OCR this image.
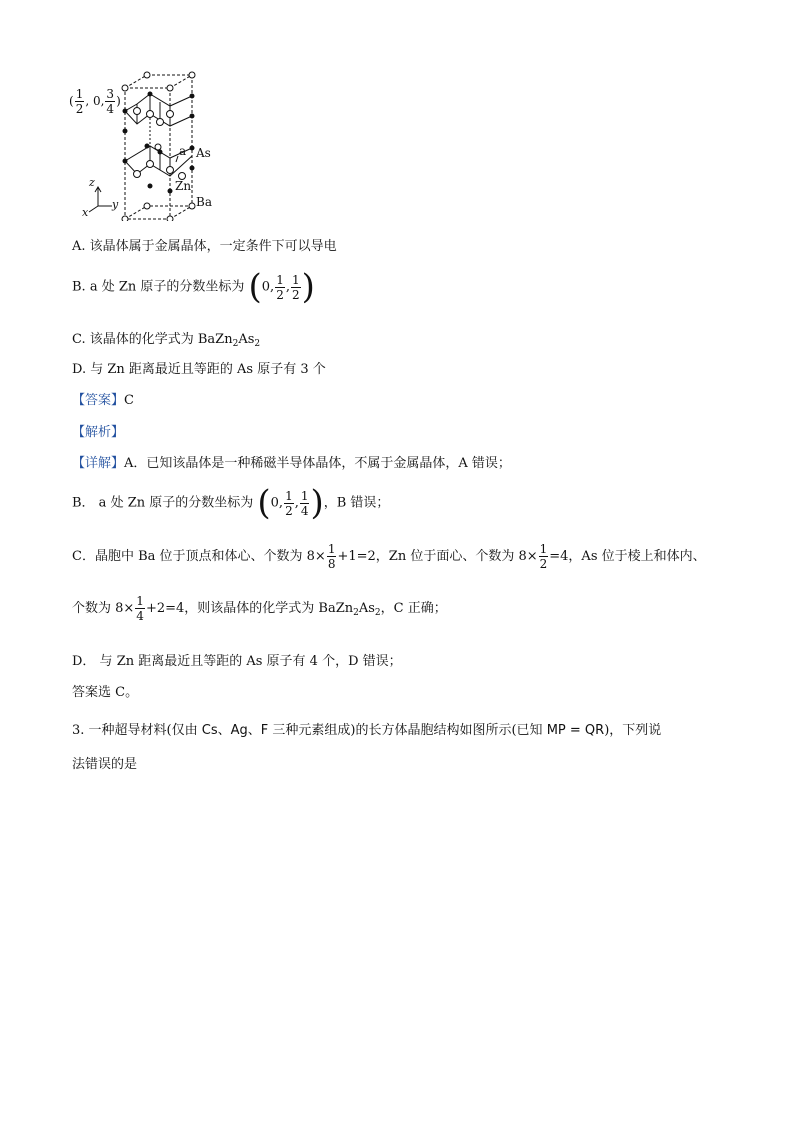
( $\frac{1}{2}$ , 0, $\frac{3}{4}$ )
a As
Zn
Ba
z
y
x
A. 该晶体属于金属晶体，一定条件下可以导电
B. a 处 Zn 原子的分数坐标为 (0, $\frac{1}{2}$ , $\frac{1}{2}$ )
C. 该晶体的化学式为 $BaZn_2As_2$
D. 与 Zn 距离最近且等距的 As 原子有 3 个
【答案】C
【解析】
【详解】A．已知该晶体是一种稀磁半导体晶体，不属于金属晶体，A 错误；
B． a 处 Zn 原子的分数坐标为 (0, $\frac{1}{2}$ , $\frac{1}{4}$ )，B 错误；
C．晶胞中 Ba 位于顶点和体心、个数为 $8\times \frac{1}{8} +1=2$，Zn 位于面心、个数为 $8\times \frac{1}{2} =4$，As 位于棱上和体内、
个数为 $8\times \frac{1}{4} +2=4$，则该晶体的化学式为 $BaZn_2As_2$，C 正确；
D． 与 Zn 距离最近且等距的 As 原子有 4 个，D 错误；
答案选 C。
3. 一种超导材料(仅由 Cs、Ag、F 三种元素组成)的长方体晶胞结构如图所示(已知 MP = QR)，下列说
法错误的是
